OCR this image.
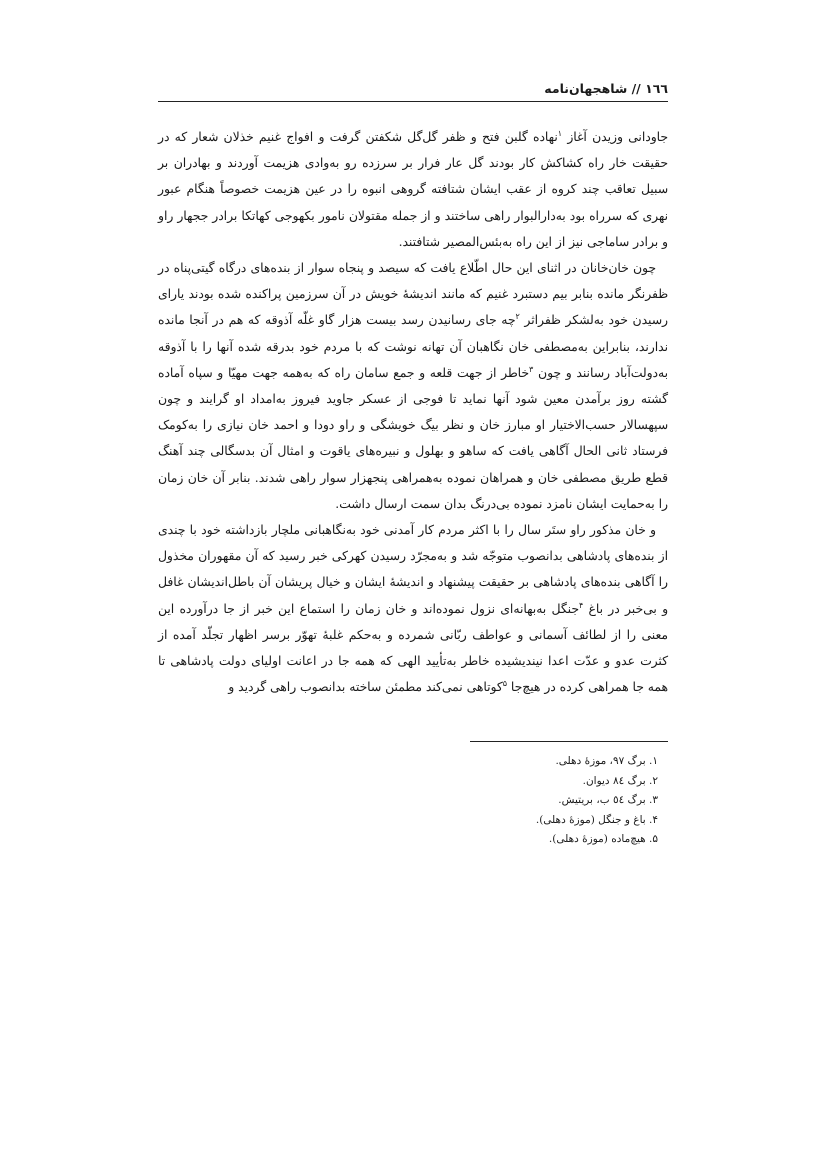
١٦٦ // شاهجهان‌نامه

جاودانی وزیدن آغاز $^۱$نهاده گلبن فتح و ظفر گل‌گل شکفتن گرفت و افواج غنیم خذلان شعار که در حقیقت خار راه کشاکش کار بودند گل عار فرار بر سرزده رو به‌وادی هزیمت آوردند و بهادران بر سبیل تعاقب چند کروه از عقب ایشان شتافته گروهی انبوه را در عین هزیمت خصوصاً هنگام عبور نهری که سرراه بود به‌دارالبوار راهی ساختند و از جمله مقتولان نامور بکهوجی کهاتکا برادر ججهار راو و برادر ساماجی نیز از این راه به‌بئس‌المصیر شتافتند.

چون خان‌خانان در اثنای این حال اطّلاع یافت که سیصد و پنجاه سوار از بنده‌های درگاه گیتی‌پناه در ظفرنگر مانده بنابر بیم دستبرد غنیم که مانند اندیشهٔ خویش در آن سرزمین پراکنده شده بودند یارای رسیدن خود به‌لشکر ظفراثر $^۲$چه جای رسانیدن رسد بیست هزار گاو غلّه آذوقه که هم در آنجا مانده ندارند، بنابراین به‌مصطفی خان نگاهبان آن تهانه نوشت که با مردم خود بدرقه شده آنها را با آذوقه به‌دولت‌آباد رسانند و چون $^۳$خاطر از جهت قلعه و جمع سامان راه که به‌همه جهت مهیّا و سپاه آماده گشته روز برآمدن معین شود آنها نماید تا فوجی از عسکر جاوید فیروز به‌امداد او گرایند و چون سپهسالار حسب‌الاختیار او مبارز خان و نظر بیگ خویشگی و راو دودا و احمد خان نیازی را به‌کومک فرستاد ثانی الحال آگاهی یافت که ساهو و بهلول و نبیره‌های یاقوت و امثال آن بدسگالی چند آهنگ قطع طریق مصطفی خان و همراهان نموده به‌همراهی پنجهزار سوار راهی شدند. بنابر آن خان زمان را به‌حمایت ایشان نامزد نموده بی‌درنگ بدان سمت ارسال داشت.

و خان مذکور راو ستَر سال را با اکثر مردم کار آمدنی خود به‌نگاهبانی ملچار بازداشته خود با چندی از بنده‌های پادشاهی بدانصوب متوجّه شد و به‌مجرّد رسیدن کهرکی خبر رسید که آن مقهوران مخذول را آگاهی بنده‌های پادشاهی بر حقیقت پیشنهاد و اندیشهٔ ایشان و خیال پریشان آن باطل‌اندیشان غافل و بی‌خبر در باغ $^۴$جنگل به‌بهانه‌ای نزول نموده‌اند و خان زمان را استماع این خبر از جا درآورده این معنی را از لطائف آسمانی و عواطف ربّانی شمرده و به‌حکم غلبهٔ تهوّر برسر اظهار تجلّد آمده از کثرت عدو و عدّت اعدا نیندیشیده خاطر به‌تأیید الهی که همه جا در اعانت اولیای دولت پادشاهی تا همه جا همراهی کرده در هیچ‌جا $^۵$کوتاهی نمی‌کند مطمئن ساخته بدانصوب راهی گردید و

۱. برگ ۹۷، موزهٔ دهلی.
۲. برگ ۸٤ دیوان.
۳. برگ ٥٤ ب، بریتیش.
۴. باغ و جنگل (موزهٔ دهلی).
۵. هیچ‌ماده (موزهٔ دهلی).
